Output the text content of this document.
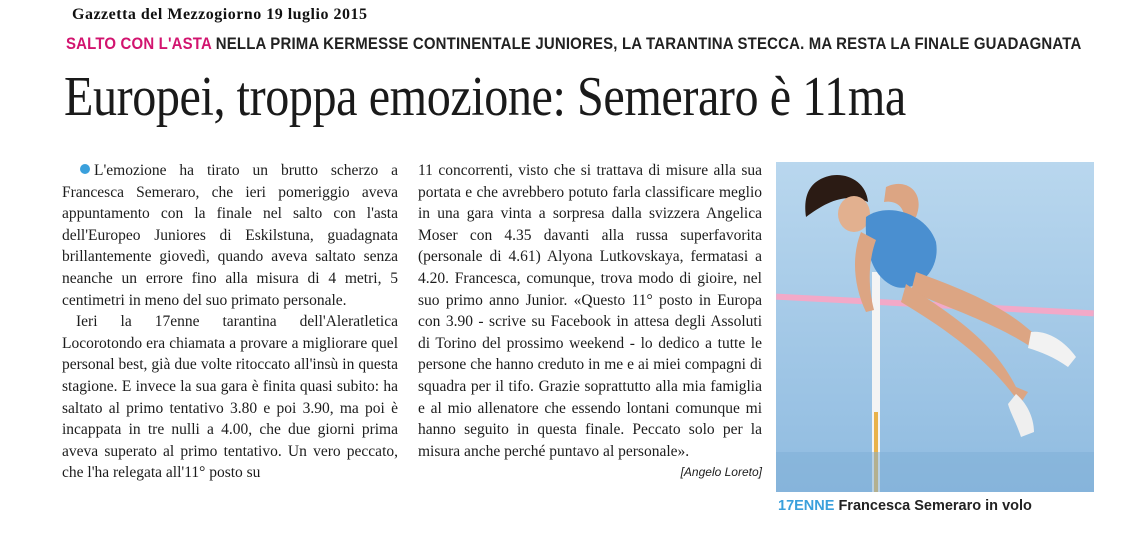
Gazzetta del Mezzogiorno 19 luglio 2015
SALTO CON L'ASTA NELLA PRIMA KERMESSE CONTINENTALE JUNIORES, LA TARANTINA STECCA. MA RESTA LA FINALE GUADAGNATA
Europei, troppa emozione: Semeraro è 11ma

L'emozione ha tirato un brutto scherzo a Francesca Semeraro, che ieri pomeriggio aveva appuntamento con la finale nel salto con l'asta dell'Europeo Juniores di Eskilstuna, guadagnata brillantemente giovedì, quando aveva saltato senza neanche un errore fino alla misura di 4 metri, 5 centimetri in meno del suo primato personale.

Ieri la 17enne tarantina dell'Aleratletica Locorotondo era chiamata a provare a migliorare quel personal best, già due volte ritoccato all'insù in questa stagione. E invece la sua gara è finita quasi subito: ha saltato al primo tentativo 3.80 e poi 3.90, ma poi è incappata in tre nulli a 4.00, che due giorni prima aveva superato al primo tentativo. Un vero peccato, che l'ha relegata all'11° posto su

11 concorrenti, visto che si trattava di misure alla sua portata e che avrebbero potuto farla classificare meglio in una gara vinta a sorpresa dalla svizzera Angelica Moser con 4.35 davanti alla russa superfavorita (personale di 4.61) Alyona Lutkovskaya, fermatasi a 4.20. Francesca, comunque, trova modo di gioire, nel suo primo anno Junior. «Questo 11° posto in Europa con 3.90 - scrive su Facebook in attesa degli Assoluti di Torino del prossimo weekend - lo dedico a tutte le persone che hanno creduto in me e ai miei compagni di squadra per il tifo. Grazie soprattutto alla mia famiglia e al mio allenatore che essendo lontani comunque mi hanno seguito in questa finale. Peccato solo per la misura anche perché puntavo al personale».
[Angelo Loreto]

17ENNE Francesca Semeraro in volo
